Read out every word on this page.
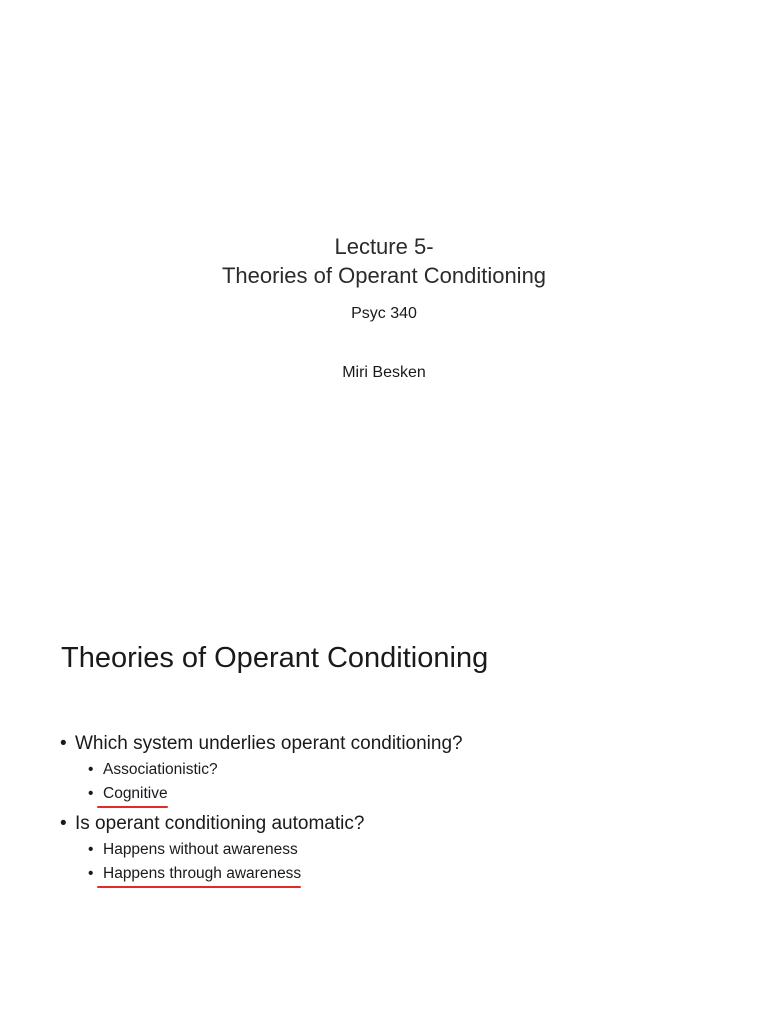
Lecture 5-
Theories of Operant Conditioning
Psyc 340
Miri Besken
Theories of Operant Conditioning
• Which system underlies operant conditioning?
• Associationistic?
• Cognitive
• Is operant conditioning automatic?
• Happens without awareness
• Happens through awareness
